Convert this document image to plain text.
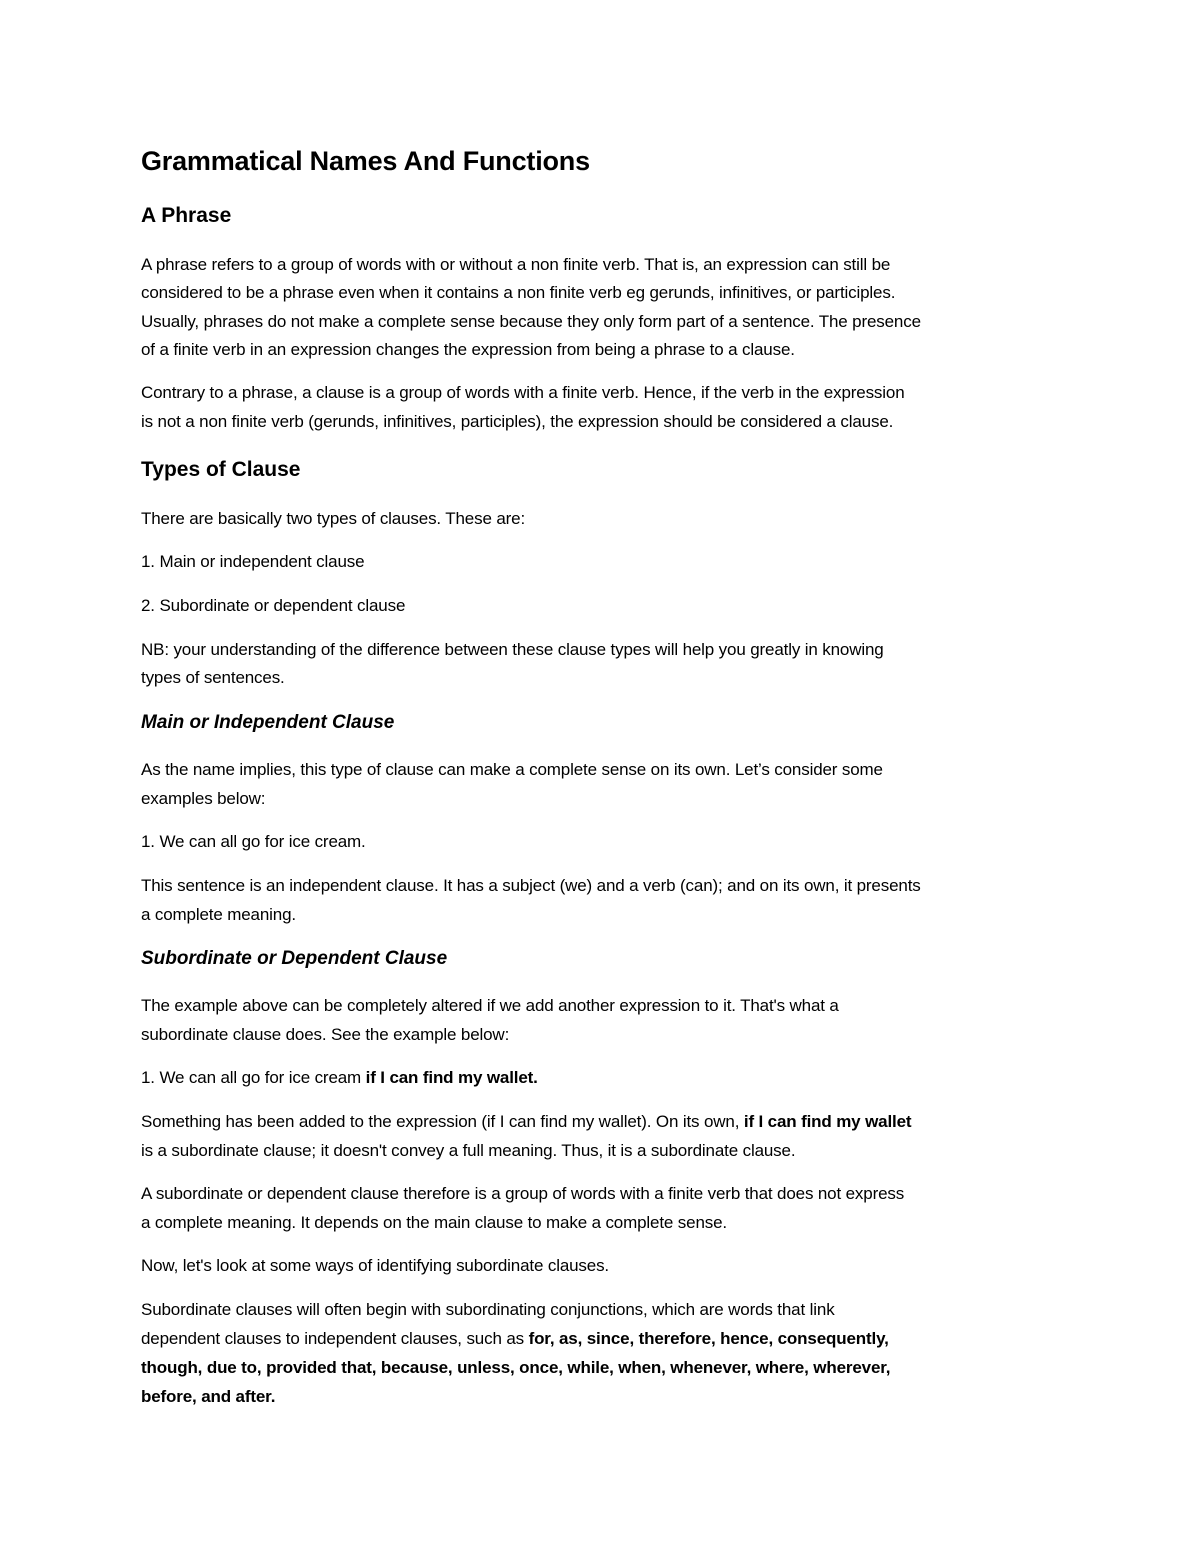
Grammatical Names And Functions
A Phrase

A phrase refers to a group of words with or without a non finite verb. That is, an expression can still be

considered to be a phrase even when it contains a non finite verb eg gerunds, infinitives, or participles.

Usually, phrases do not make a complete sense because they only form part of a sentence. The presence

of a finite verb in an expression changes the expression from being a phrase to a clause.

Contrary to a phrase, a clause is a group of words with a finite verb. Hence, if the verb in the expression

is not a non finite verb (gerunds, infinitives, participles), the expression should be considered a clause.

Types of Clause

There are basically two types of clauses. These are:

1. Main or independent clause

2. Subordinate or dependent clause

NB: your understanding of the difference between these clause types will help you greatly in knowing

types of sentences.

Main or Independent Clause

As the name implies, this type of clause can make a complete sense on its own. Let’s consider some

examples below:

1. We can all go for ice cream.

This sentence is an independent clause. It has a subject (we) and a verb (can); and on its own, it presents

a complete meaning.

Subordinate or Dependent Clause

The example above can be completely altered if we add another expression to it. That's what a

subordinate clause does. See the example below:

1. We can all go for ice cream if I can find my wallet.

Something has been added to the expression (if I can find my wallet). On its own, if I can find my wallet

is a subordinate clause; it doesn't convey a full meaning. Thus, it is a subordinate clause.

A subordinate or dependent clause therefore is a group of words with a finite verb that does not express

a complete meaning. It depends on the main clause to make a complete sense.

Now, let's look at some ways of identifying subordinate clauses.

Subordinate clauses will often begin with subordinating conjunctions, which are words that link

dependent clauses to independent clauses, such as for, as, since, therefore, hence, consequently,

though, due to, provided that, because, unless, once, while, when, whenever, where, wherever,

before, and after.
